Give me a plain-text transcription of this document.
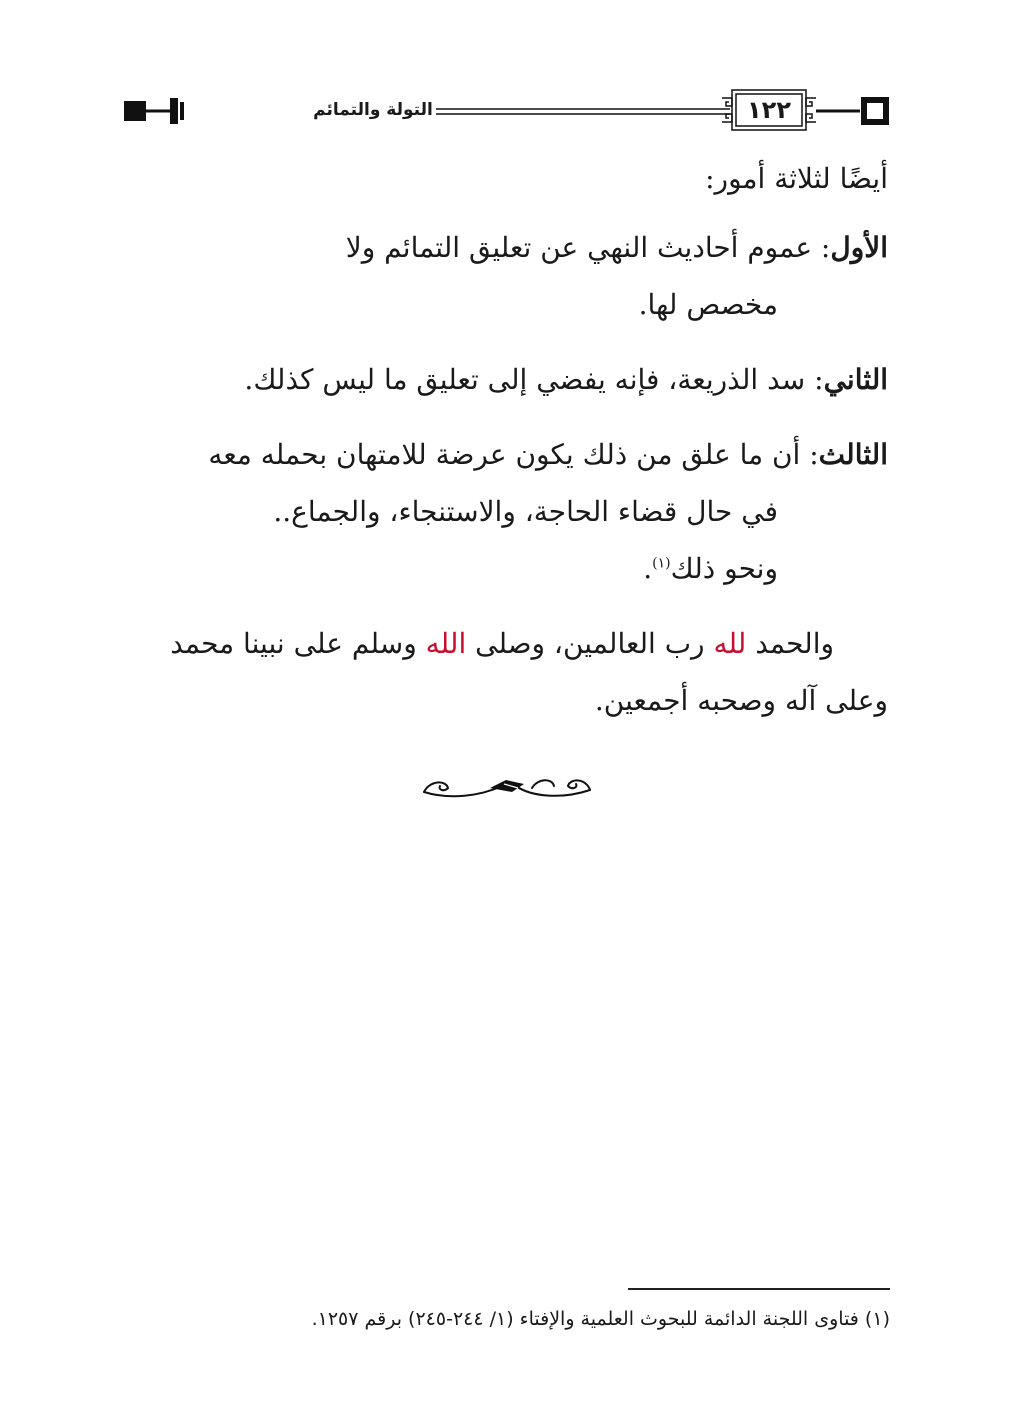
التولة والتمائم	١٢٢

أيضًا لثلاثة أمور:

الأول: عموم أحاديث النهي عن تعليق التمائم ولا
مخصص لها.

الثاني: سد الذريعة، فإنه يفضي إلى تعليق ما ليس كذلك.

الثالث: أن ما علق من ذلك يكون عرضة للامتهان بحمله معه
في حال قضاء الحاجة، والاستنجاء، والجماع..
ونحو ذلك$^{(١)}$.

والحمد لله رب العالمين، وصلى الله وسلم على نبينا محمد وعلى آله وصحبه أجمعين.

(١) فتاوى اللجنة الدائمة للبحوث العلمية والإفتاء (١/ ٢٤٤-٢٤٥) برقم ١٢٥٧.
